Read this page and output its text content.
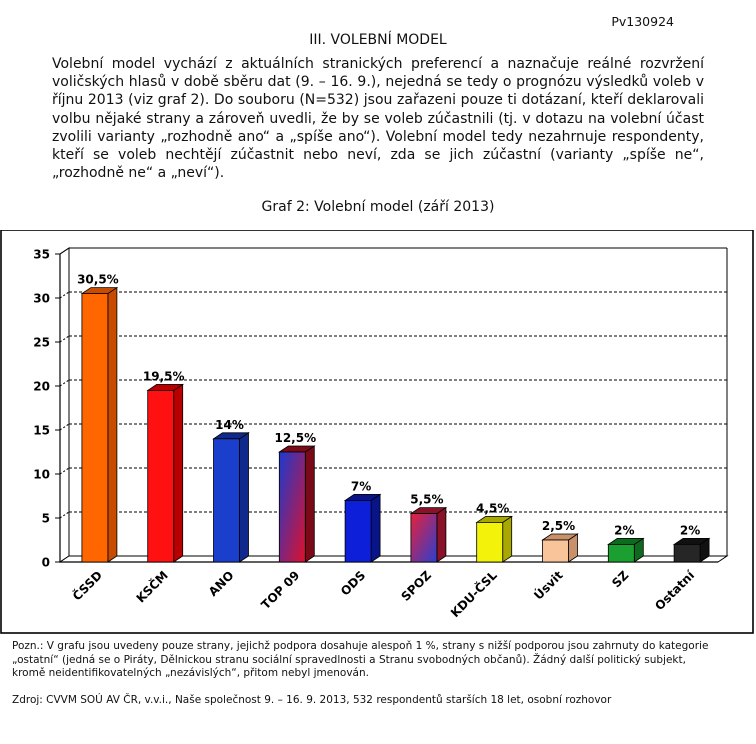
Pv130924
III. VOLEBNÍ MODEL

Volební model vychází z aktuálních stranických preferencí a naznačuje reálné rozvržení voličských hlasů v době sběru dat (9. – 16. 9.), nejedná se tedy o prognózu výsledků voleb v říjnu 2013 (viz graf 2). Do souboru (N=532) jsou zařazeni pouze ti dotázaní, kteří deklarovali volbu nějaké strany a zároveň uvedli, že by se voleb zúčastnili (tj. v dotazu na volební účast zvolili varianty „rozhodně ano“ a „spíše ano“). Volební model tedy nezahrnuje respondenty, kteří se voleb nechtějí zúčastnit nebo neví, zda se jich zúčastní (varianty „spíše ne“, „rozhodně ne“ a „neví“).

Graf 2: Volební model (září 2013)
0
5
10
15
20
25
30
35
30,5%
19,5%
14%
12,5%
7%
5,5%
4,5%
2,5%	2%	2%
ČSSD KSČM	ANO TOP 09	ODS	SPOZ KDU-ČSL	Úsvit	SZ Ostatní

Pozn.: V grafu jsou uvedeny pouze strany, jejichž podpora dosahuje alespoň 1 %, strany s nižší podporou jsou zahrnuty do kategorie „ostatní“ (jedná se o Piráty, Dělnickou stranu sociální spravedlnosti a Stranu svobodných občanů). Žádný další politický subjekt, kromě neidentifikovatelných „nezávislých“, přitom nebyl jmenován.

Zdroj: CVVM SOÚ AV ČR, v.v.i., Naše společnost 9. – 16. 9. 2013, 532 respondentů starších 18 let, osobní rozhovor
